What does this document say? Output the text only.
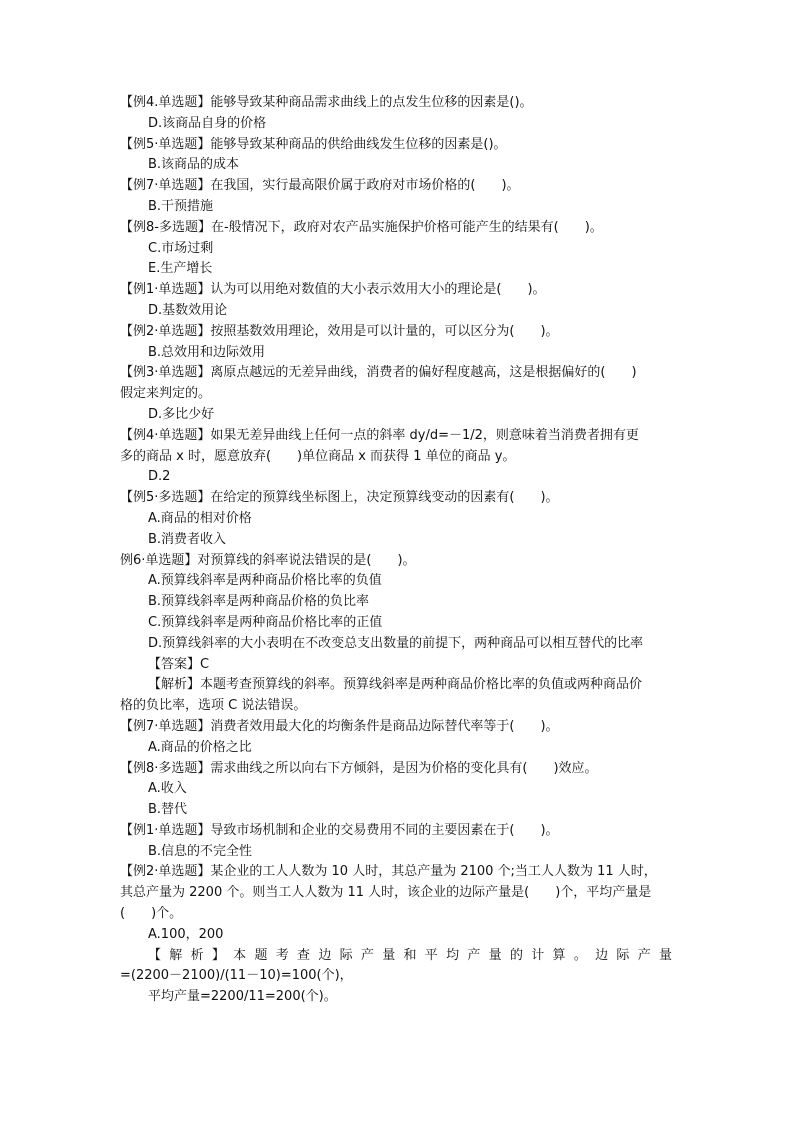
【例4.单选题】能够导致某种商品需求曲线上的点发生位移的因素是()。
D.该商品自身的价格
【例5·单选题】能够导致某种商品的供给曲线发生位移的因素是()。
B.该商品的成本
【例7·单选题】在我国，实行最高限价属于政府对市场价格的(　　)。
B.干预措施
【例8-多选题】在-般情况下，政府对农产品实施保护价格可能产生的结果有(　　)。
C.市场过剩
E.生产增长
【例1·单选题】认为可以用绝对数值的大小表示效用大小的理论是(　　)。
D.基数效用论
【例2·单选题】按照基数效用理论，效用是可以计量的，可以区分为(　　)。
B.总效用和边际效用
【例3·单选题】离原点越远的无差异曲线，消费者的偏好程度越高，这是根据偏好的(　　)
假定来判定的。
D.多比少好
【例4·单选题】如果无差异曲线上任何一点的斜率 dy/d=－1/2，则意味着当消费者拥有更
多的商品 x 时，愿意放弃(　　)单位商品 x 而获得 1 单位的商品 y。
D.2
【例5·多选题】在给定的预算线坐标图上，决定预算线变动的因素有(　　)。
A.商品的相对价格
B.消费者收入
例6·单选题】对预算线的斜率说法错误的是(　　)。
A.预算线斜率是两种商品价格比率的负值
B.预算线斜率是两种商品价格的负比率
C.预算线斜率是两种商品价格比率的正值
D.预算线斜率的大小表明在不改变总支出数量的前提下，两种商品可以相互替代的比率
【答案】C
【解析】本题考查预算线的斜率。预算线斜率是两种商品价格比率的负值或两种商品价
格的负比率，选项 C 说法错误。
【例7·单选题】消费者效用最大化的均衡条件是商品边际替代率等于(　　)。
A.商品的价格之比
【例8·多选题】需求曲线之所以向右下方倾斜，是因为价格的变化具有(　　)效应。
A.收入
B.替代
【例1·单选题】导致市场机制和企业的交易费用不同的主要因素在于(　　)。
B.信息的不完全性
【例2·单选题】某企业的工人人数为 10 人时，其总产量为 2100 个;当工人人数为 11 人时，
其总产量为 2200 个。则当工人人数为 11 人时，该企业的边际产量是(　　)个，平均产量是
(　　)个。
A.100，200
【解析】本题考查边际产量和平均产量的计算。边际产量
=(2200－2100)/(11－10)=100(个)，
平均产量=2200/11=200(个)。
